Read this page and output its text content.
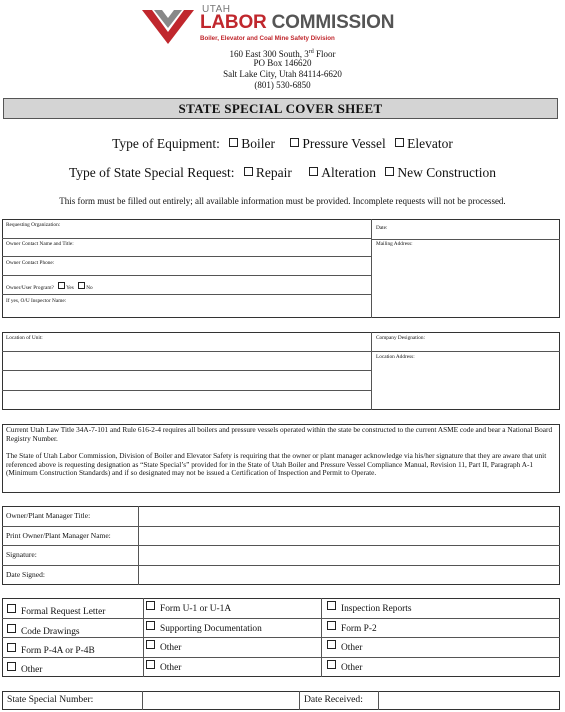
UTAH
LABOR COMMISSION
Boiler, Elevator and Coal Mine Safety Division
160 East 300 South, 3rd Floor
PO Box 146620
Salt Lake City, Utah 84114-6620
(801) 530-6850
STATE SPECIAL COVER SHEET
Type of Equipment: Boiler Pressure Vessel Elevator
Type of State Special Request: Repair Alteration New Construction
This form must be filled out entirely; all available information must be provided. Incomplete requests will not be processed.
Requesting Organization:
Owner Contact Name and Title:
Owner Contact Phone:
Owner/User Program? Yes No
If yes, O/U Inspector Name:
Date:
Mailing Address:
Location of Unit:	Company Designation:
Location Address:
Current Utah Law Title 34A-7-101 and Rule 616-2-4 requires all boilers and pressure vessels operated within the state be constructed to the current ASME code and bear a National Board Registry Number.
The State of Utah Labor Commission, Division of Boiler and Elevator Safety is requiring that the owner or plant manager acknowledge via his/her signature that they are aware that unit referenced above is requesting designation as “State Special’s” provided for in the State of Utah Boiler and Pressure Vessel Compliance Manual, Revision 11, Part II, Paragraph A-1 (Minimum Construction Standards) and if so designated may not be issued a Certification of Inspection and Permit to Operate.
Owner/Plant Manager Title:
Print Owner/Plant Manager Name:
Signature:
Date Signed:
Formal Request Letter
Code Drawings
Form P-4A or P-4B
Other
Form U-1 or U-1A
Supporting Documentation
Other
Other
Inspection Reports
Form P-2
Other
Other
State Special Number:	Date Received:
